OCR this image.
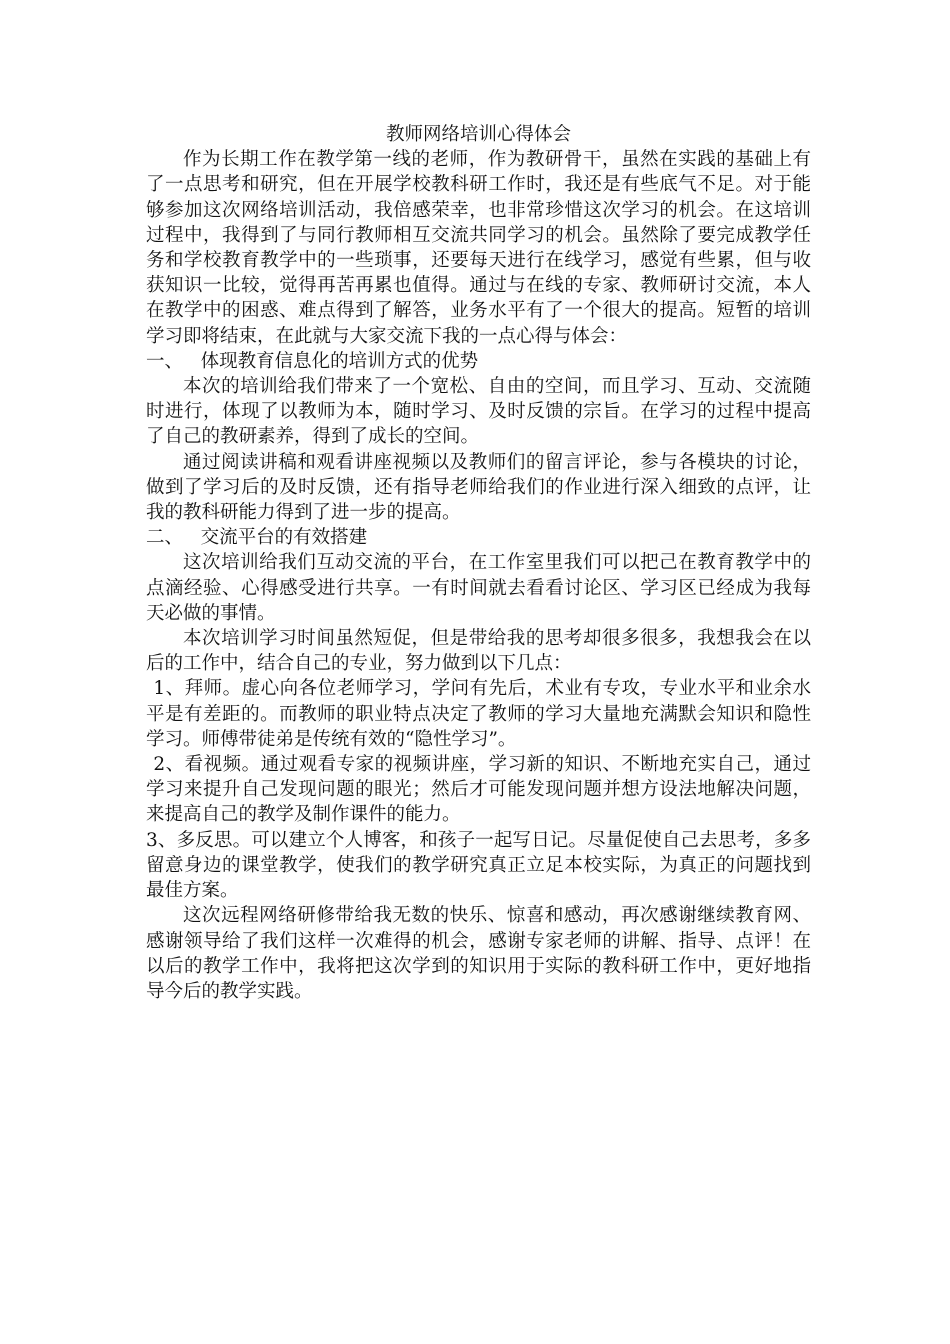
教师网络培训心得体会

作为长期工作在教学第一线的老师，作为教研骨干，虽然在实践的基础上有了一点思考和研究，但在开展学校教科研工作时，我还是有些底气不足。对于能够参加这次网络培训活动，我倍感荣幸，也非常珍惜这次学习的机会。在这培训过程中，我得到了与同行教师相互交流共同学习的机会。虽然除了要完成教学任务和学校教育教学中的一些琐事，还要每天进行在线学习，感觉有些累，但与收获知识一比较，觉得再苦再累也值得。通过与在线的专家、教师研讨交流，本人在教学中的困惑、难点得到了解答，业务水平有了一个很大的提高。短暂的培训学习即将结束，在此就与大家交流下我的一点心得与体会：

一、   体现教育信息化的培训方式的优势

本次的培训给我们带来了一个宽松、自由的空间，而且学习、互动、交流随时进行，体现了以教师为本，随时学习、及时反馈的宗旨。在学习的过程中提高了自己的教研素养，得到了成长的空间。

通过阅读讲稿和观看讲座视频以及教师们的留言评论，参与各模块的讨论，做到了学习后的及时反馈，还有指导老师给我们的作业进行深入细致的点评，让我的教科研能力得到了进一步的提高。

二、   交流平台的有效搭建

这次培训给我们互动交流的平台，在工作室里我们可以把己在教育教学中的点滴经验、心得感受进行共享。一有时间就去看看讨论区、学习区已经成为我每天必做的事情。

本次培训学习时间虽然短促，但是带给我的思考却很多很多，我想我会在以后的工作中，结合自己的专业，努力做到以下几点：

1、拜师。虚心向各位老师学习，学问有先后，术业有专攻，专业水平和业余水平是有差距的。而教师的职业特点决定了教师的学习大量地充满默会知识和隐性学习。师傅带徒弟是传统有效的“隐性学习”。

2、看视频。通过观看专家的视频讲座，学习新的知识、不断地充实自己，通过学习来提升自己发现问题的眼光；然后才可能发现问题并想方设法地解决问题，来提高自己的教学及制作课件的能力。

3、多反思。可以建立个人博客，和孩子一起写日记。尽量促使自己去思考，多多留意身边的课堂教学，使我们的教学研究真正立足本校实际，为真正的问题找到最佳方案。

这次远程网络研修带给我无数的快乐、惊喜和感动，再次感谢继续教育网、感谢领导给了我们这样一次难得的机会，感谢专家老师的讲解、指导、点评！在以后的教学工作中，我将把这次学到的知识用于实际的教科研工作中，更好地指导今后的教学实践。
